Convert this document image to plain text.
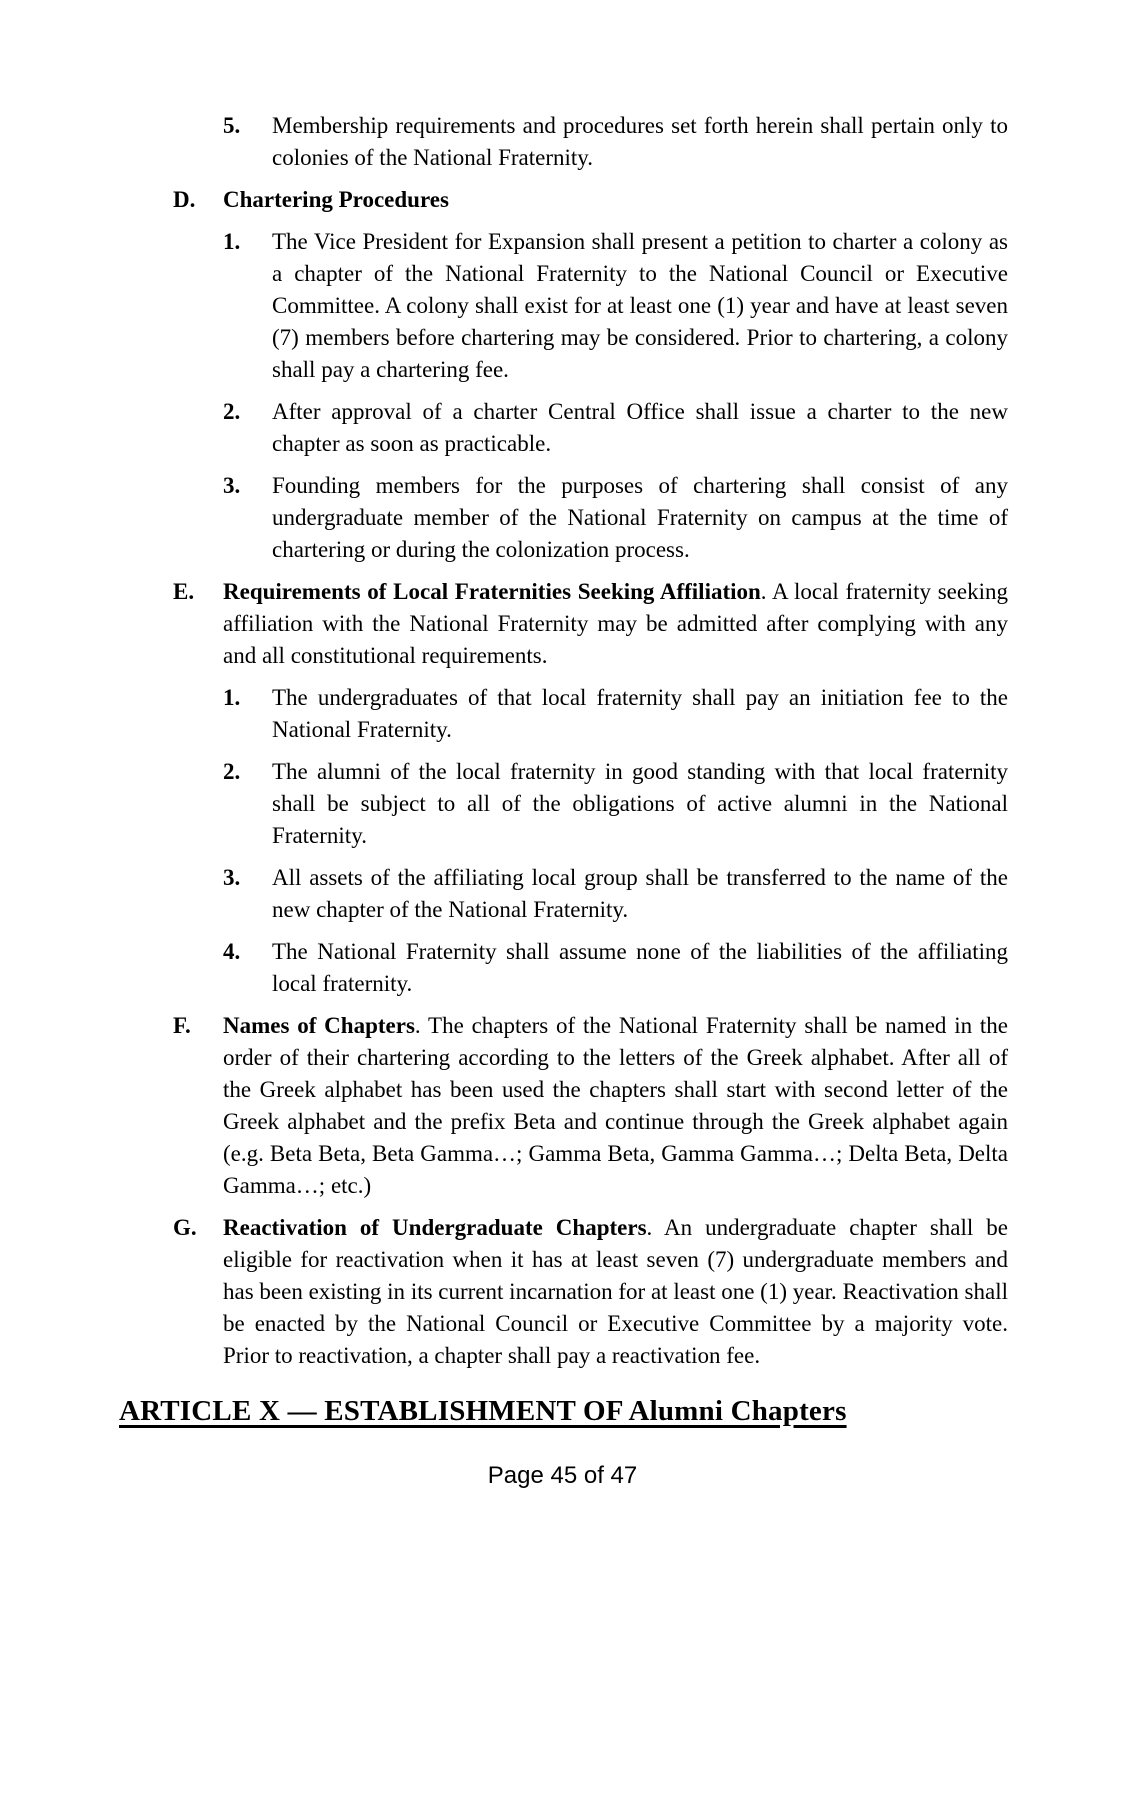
5.	Membership requirements and procedures set forth herein shall pertain only to colonies of the National Fraternity.
D.	Chartering Procedures
1.	The Vice President for Expansion shall present a petition to charter a colony as a chapter of the National Fraternity to the National Council or Executive Committee. A colony shall exist for at least one (1) year and have at least seven (7) members before chartering may be considered. Prior to chartering, a colony shall pay a chartering fee.
2.	After approval of a charter Central Office shall issue a charter to the new chapter as soon as practicable.
3.	Founding members for the purposes of chartering shall consist of any undergraduate member of the National Fraternity on campus at the time of chartering or during the colonization process.
E.	Requirements of Local Fraternities Seeking Affiliation. A local fraternity seeking affiliation with the National Fraternity may be admitted after complying with any and all constitutional requirements.
1.	The undergraduates of that local fraternity shall pay an initiation fee to the National Fraternity.
2.	The alumni of the local fraternity in good standing with that local fraternity shall be subject to all of the obligations of active alumni in the National Fraternity.
3.	All assets of the affiliating local group shall be transferred to the name of the new chapter of the National Fraternity.
4.	The National Fraternity shall assume none of the liabilities of the affiliating local fraternity.
F.	Names of Chapters. The chapters of the National Fraternity shall be named in the order of their chartering according to the letters of the Greek alphabet. After all of the Greek alphabet has been used the chapters shall start with second letter of the Greek alphabet and the prefix Beta and continue through the Greek alphabet again (e.g. Beta Beta, Beta Gamma…; Gamma Beta, Gamma Gamma…; Delta Beta, Delta Gamma…; etc.)
G.	Reactivation of Undergraduate Chapters. An undergraduate chapter shall be eligible for reactivation when it has at least seven (7) undergraduate members and has been existing in its current incarnation for at least one (1) year. Reactivation shall be enacted by the National Council or Executive Committee by a majority vote. Prior to reactivation, a chapter shall pay a reactivation fee.
ARTICLE X — ESTABLISHMENT OF Alumni Chapters
Page 45 of 47
